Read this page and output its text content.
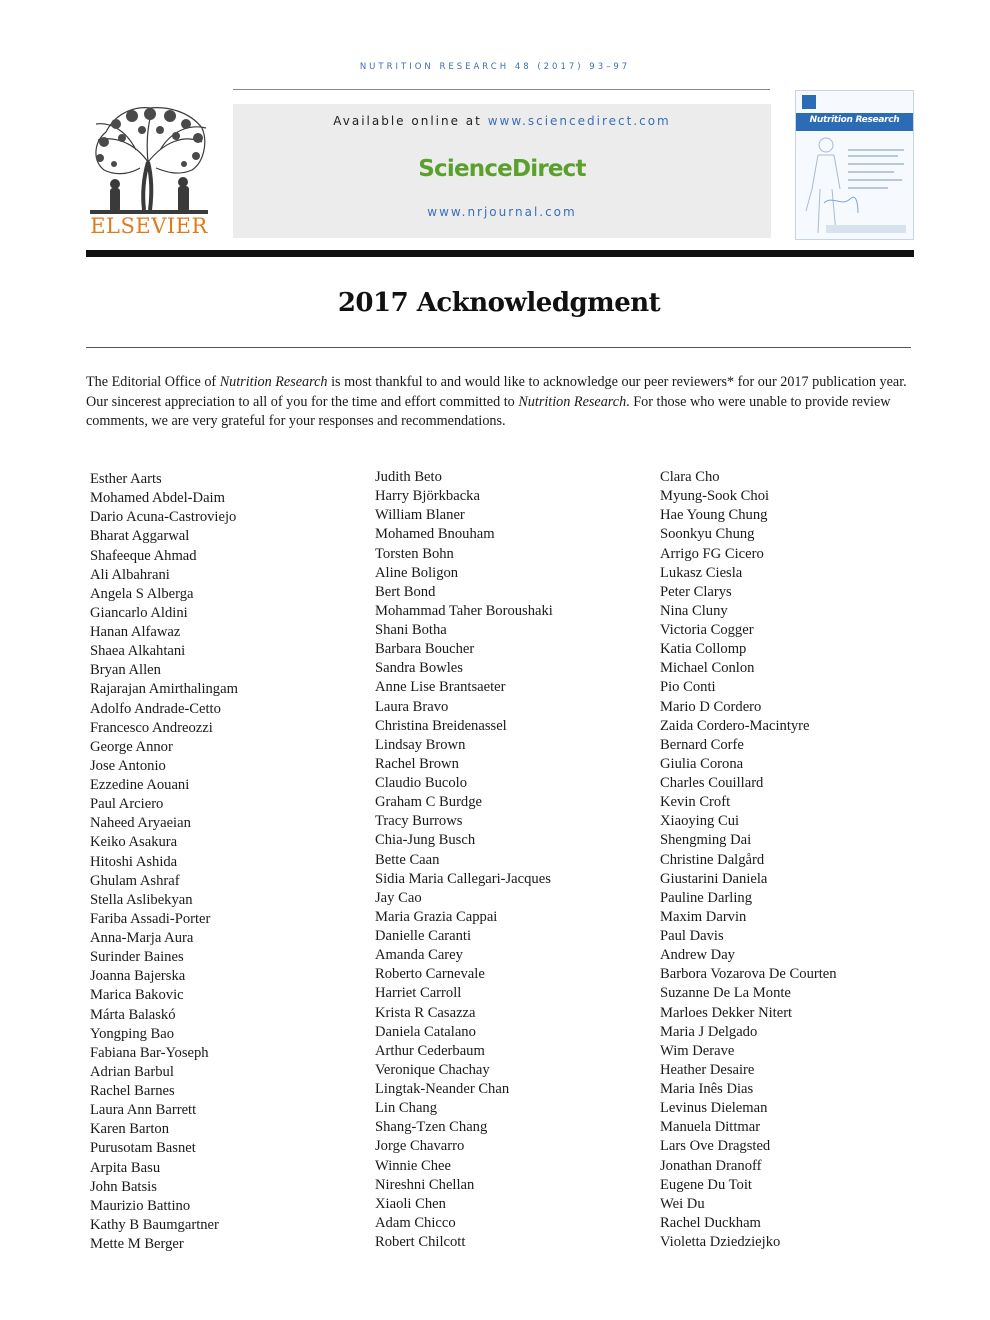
NUTRITION RESEARCH 48 (2017) 93–97
ELSEVIER
Available online at www.sciencedirect.com
ScienceDirect
www.nrjournal.com
Nutrition Research
2017 Acknowledgment

The Editorial Office of Nutrition Research is most thankful to and would like to acknowledge our peer reviewers* for our 2017 publication year. Our sincerest appreciation to all of you for the time and effort committed to Nutrition Research. For those who were unable to provide review comments, we are very grateful for your responses and recommendations.

Esther Aarts
Mohamed Abdel-Daim
Dario Acuna-Castroviejo
Bharat Aggarwal
Shafeeque Ahmad
Ali Albahrani
Angela S Alberga
Giancarlo Aldini
Hanan Alfawaz
Shaea Alkahtani
Bryan Allen
Rajarajan Amirthalingam
Adolfo Andrade-Cetto
Francesco Andreozzi
George Annor
Jose Antonio
Ezzedine Aouani
Paul Arciero
Naheed Aryaeian
Keiko Asakura
Hitoshi Ashida
Ghulam Ashraf
Stella Aslibekyan
Fariba Assadi-Porter
Anna-Marja Aura
Surinder Baines
Joanna Bajerska
Marica Bakovic
Márta Balaskó
Yongping Bao
Fabiana Bar-Yoseph
Adrian Barbul
Rachel Barnes
Laura Ann Barrett
Karen Barton
Purusotam Basnet
Arpita Basu
John Batsis
Maurizio Battino
Kathy B Baumgartner
Mette M Berger
Judith Beto
Harry Björkbacka
William Blaner
Mohamed Bnouham
Torsten Bohn
Aline Boligon
Bert Bond
Mohammad Taher Boroushaki
Shani Botha
Barbara Boucher
Sandra Bowles
Anne Lise Brantsaeter
Laura Bravo
Christina Breidenassel
Lindsay Brown
Rachel Brown
Claudio Bucolo
Graham C Burdge
Tracy Burrows
Chia-Jung Busch
Bette Caan
Sidia Maria Callegari-Jacques
Jay Cao
Maria Grazia Cappai
Danielle Caranti
Amanda Carey
Roberto Carnevale
Harriet Carroll
Krista R Casazza
Daniela Catalano
Arthur Cederbaum
Veronique Chachay
Lingtak-Neander Chan
Lin Chang
Shang-Tzen Chang
Jorge Chavarro
Winnie Chee
Nireshni Chellan
Xiaoli Chen
Adam Chicco
Robert Chilcott
Clara Cho
Myung-Sook Choi
Hae Young Chung
Soonkyu Chung
Arrigo FG Cicero
Lukasz Ciesla
Peter Clarys
Nina Cluny
Victoria Cogger
Katia Collomp
Michael Conlon
Pio Conti
Mario D Cordero
Zaida Cordero-Macintyre
Bernard Corfe
Giulia Corona
Charles Couillard
Kevin Croft
Xiaoying Cui
Shengming Dai
Christine Dalgård
Giustarini Daniela
Pauline Darling
Maxim Darvin
Paul Davis
Andrew Day
Barbora Vozarova De Courten
Suzanne De La Monte
Marloes Dekker Nitert
Maria J Delgado
Wim Derave
Heather Desaire
Maria Inês Dias
Levinus Dieleman
Manuela Dittmar
Lars Ove Dragsted
Jonathan Dranoff
Eugene Du Toit
Wei Du
Rachel Duckham
Violetta Dziedziejko
